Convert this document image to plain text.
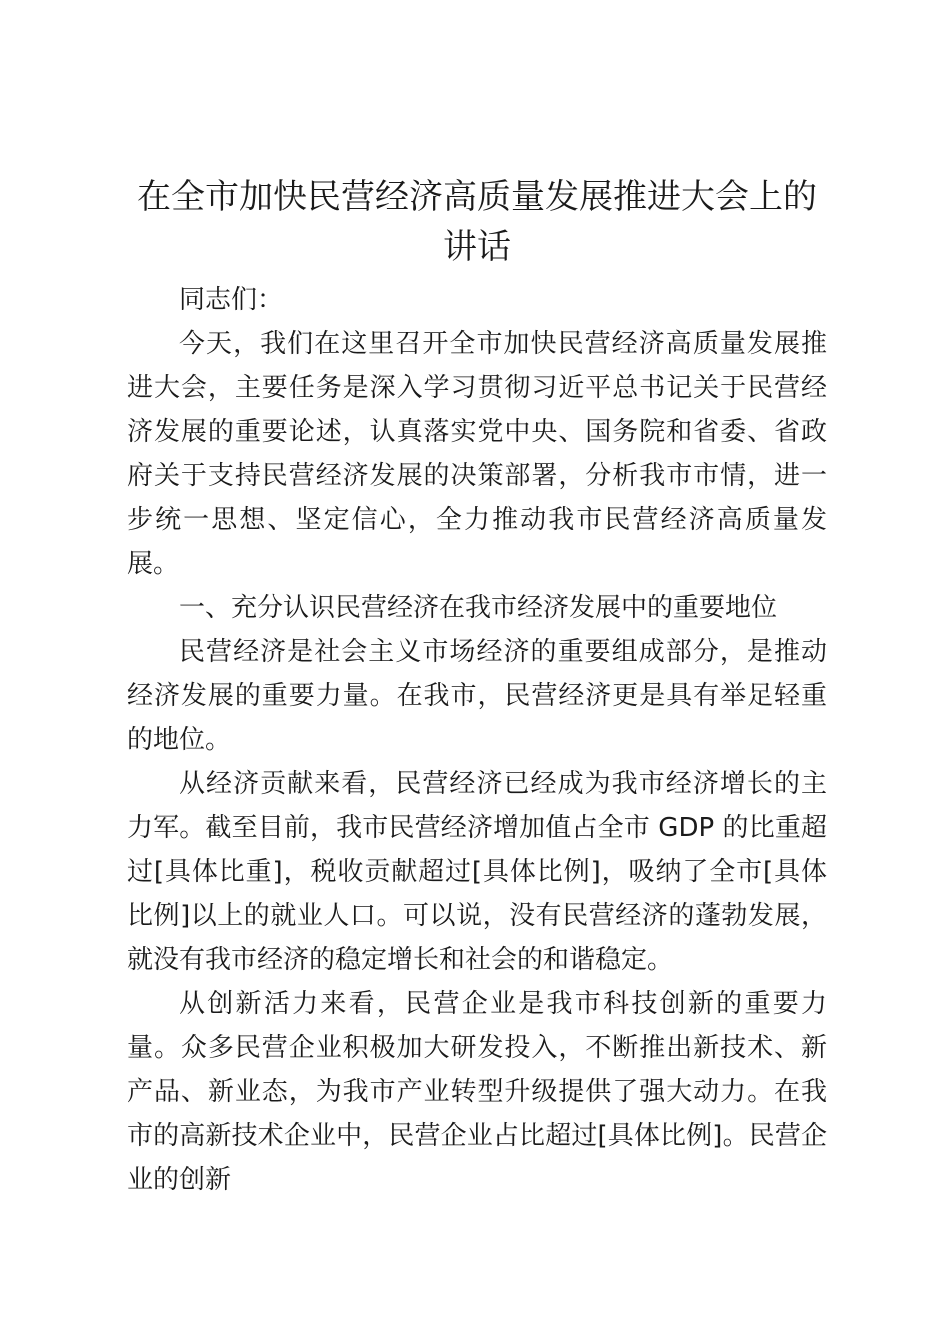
在全市加快民营经济高质量发展推进大会上的讲话

同志们：

今天，我们在这里召开全市加快民营经济高质量发展推进大会，主要任务是深入学习贯彻习近平总书记关于民营经济发展的重要论述，认真落实党中央、国务院和省委、省政府关于支持民营经济发展的决策部署，分析我市市情，进一步统一思想、坚定信心，全力推动我市民营经济高质量发展。

一、充分认识民营经济在我市经济发展中的重要地位

民营经济是社会主义市场经济的重要组成部分，是推动经济发展的重要力量。在我市，民营经济更是具有举足轻重的地位。

从经济贡献来看，民营经济已经成为我市经济增长的主力军。截至目前，我市民营经济增加值占全市 GDP 的比重超过[具体比重]，税收贡献超过[具体比例]，吸纳了全市[具体比例]以上的就业人口。可以说，没有民营经济的蓬勃发展，就没有我市经济的稳定增长和社会的和谐稳定。

从创新活力来看，民营企业是我市科技创新的重要力量。众多民营企业积极加大研发投入，不断推出新技术、新产品、新业态，为我市产业转型升级提供了强大动力。在我市的高新技术企业中，民营企业占比超过[具体比例]。民营企业的创新
